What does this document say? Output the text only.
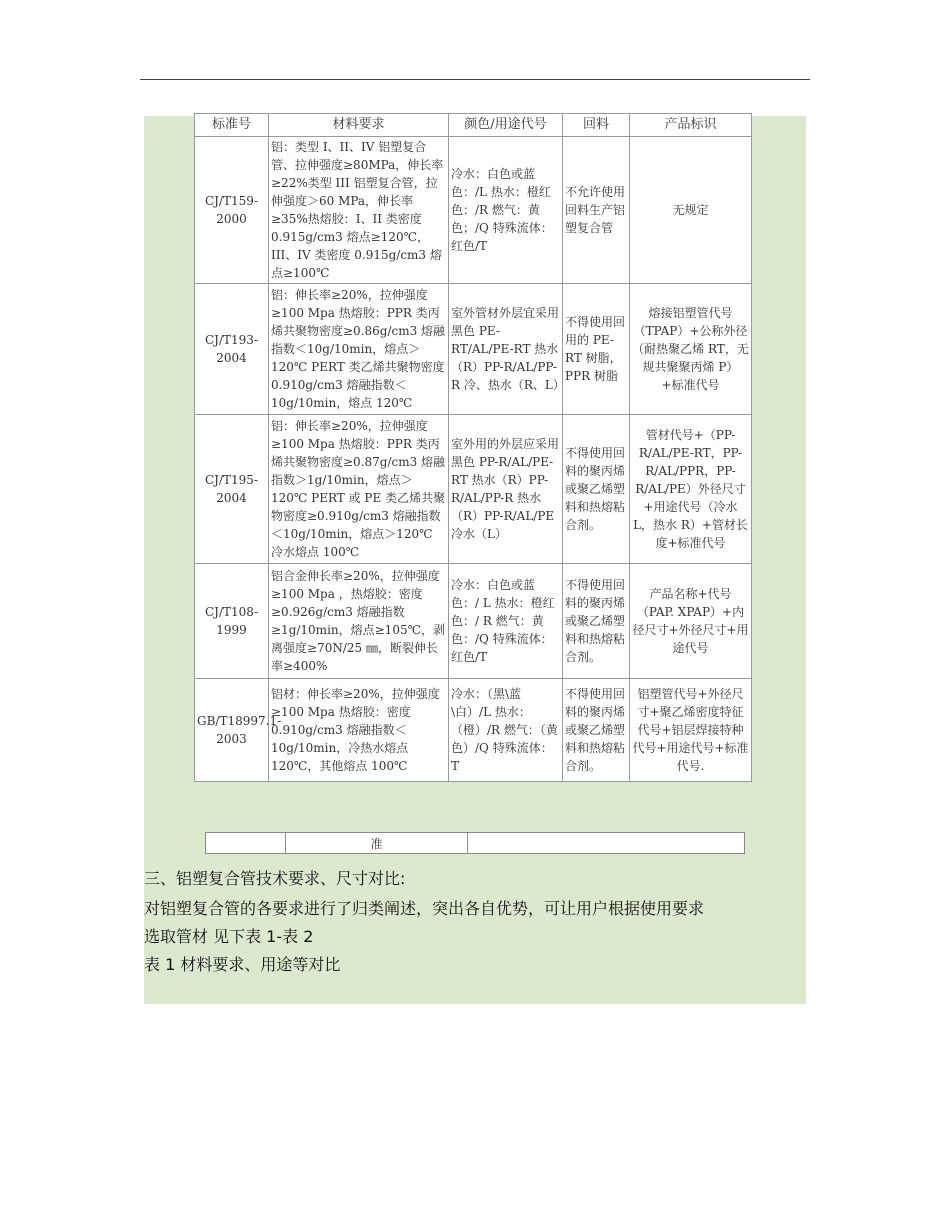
标准号	材料要求	颜色/用途代号	回料	产品标识
CJ/T159-2000	铝：类型 I、II、IV 铝塑复合管、拉伸强度≥80MPa，伸长率≥22%类型 III 铝塑复合管，拉伸强度＞60 MPa，伸长率≥35%热熔胶：I、II 类密度 0.915g/cm3 熔点≥120℃，III、IV 类密度 0.915g/cm3 熔点≥100℃	冷水：白色或蓝色：/L 热水：橙红色：/R 燃气：黄色；/Q 特殊流体：红色/T	不允许使用回料生产铝塑复合管	无规定
CJ/T193-2004	铝：伸长率≥20%，拉伸强度≥100 Mpa 热熔胶：PPR 类丙烯共聚物密度≥0.86g/cm3 熔融指数＜10g/10min，熔点＞120℃ PERT 类乙烯共聚物密度 0.910g/cm3 熔融指数＜10g/10min，熔点 120℃	室外管材外层宜采用黑色 PE-RT/AL/PE-RT 热水（R）PP-R/AL/PP-R 冷、热水（R、L）	不得使用回用的 PE-RT 树脂，PPR 树脂	熔接铝塑管代号（TPAP）+公称外径（耐热聚乙烯 RT，无规共聚聚丙烯 P）+标准代号
CJ/T195-2004	铝：伸长率≥20%，拉伸强度≥100 Mpa 热熔胶：PPR 类丙烯共聚物密度≥0.87g/cm3 熔融指数＞1g/10min，熔点＞120℃ PERT 或 PE 类乙烯共聚物密度≥0.910g/cm3 熔融指数＜10g/10min，熔点＞120℃ 冷水熔点 100℃	室外用的外层应采用黑色 PP-R/AL/PE-RT 热水（R）PP-R/AL/PP-R 热水（R）PP-R/AL/PE 冷水（L）	不得使用回料的聚丙烯或聚乙烯塑料和热熔粘合剂。	管材代号+（PP-R/AL/PE-RT，PP-R/AL/PPR，PP-R/AL/PE）外径尺寸+用途代号（冷水 L，热水 R）+管材长度+标准代号
CJ/T108-1999	铝合金伸长率≥20%，拉伸强度≥100 Mpa ，热熔胶：密度≥0.926g/cm3 熔融指数≥1g/10min，熔点≥105℃，剥离强度≥70N/25 ㎜，断裂伸长率≥400%	冷水：白色或蓝色：/ L 热水：橙红色：/ R 燃气：黄色：/Q 特殊流体：红色/T	不得使用回料的聚丙烯或聚乙烯塑料和热熔粘合剂。	产品名称+代号（PAP. XPAP）+内径尺寸+外径尺寸+用途代号
GB/T18997.1-2003	铝材：伸长率≥20%，拉伸强度≥100 Mpa 热熔胶：密度 0.910g/cm3 熔融指数＜10g/10min，冷热水熔点 120℃，其他熔点 100℃	冷水：（黑\蓝\白）/L 热水：（橙）/R 燃气：（黄色）/Q 特殊流体：T	不得使用回料的聚丙烯或聚乙烯塑料和热熔粘合剂。	铝塑管代号+外径尺寸+聚乙烯密度特征代号+铝层焊接特种代号+用途代号+标准代号.
	准	
三、铝塑复合管技术要求、尺寸对比:
对铝塑复合管的各要求进行了归类阐述，突出各自优势，可让用户根据使用要求
选取管材 见下表 1-表 2
表 1 材料要求、用途等对比
